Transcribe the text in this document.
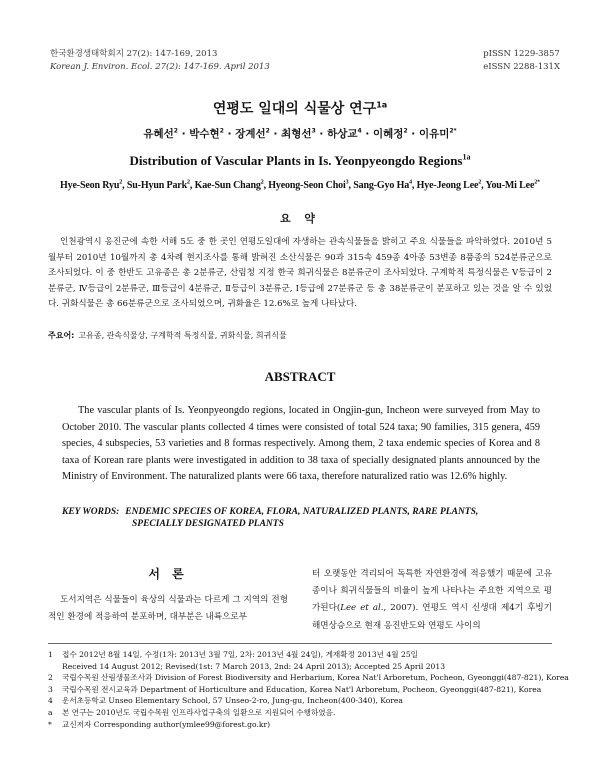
한국환경생태학회지 27(2): 147-169, 2013
Korean J. Environ. Ecol. 27(2): 147-169. April 2013
pISSN 1229-3857
eISSN 2288-131X
연평도 일대의 식물상 연구$^{1a}$
유혜선$^2$ · 박수현$^2$ · 장계선$^2$ · 최형선$^3$ · 하상교$^4$ · 이혜정$^2$ · 이유미$^{2*}$
Distribution of Vascular Plants in Is. Yeonpyeongdo Regions$^{1a}$
Hye-Seon Ryu$^2$, Su-Hyun Park$^2$, Kae-Sun Chang$^2$, Hyeong-Seon Choi$^3$, Sang-Gyo Ha$^4$, Hye-Jeong Lee$^2$, You-Mi Lee$^{2*}$
요 약

인천광역시 옹진군에 속한 서해 5도 중 한 곳인 연평도일대에 자생하는 관속식물들을 밝히고 주요 식물들을 파악하였다. 2010년 5월부터 2010년 10월까지 총 4차례 현지조사를 통해 밝혀진 소산식물은 90과 315속 459종 4아종 53변종 8품종의 524분류군으로 조사되었다. 이 중 한반도 고유종은 총 2분류군, 산림청 지정 한국 희귀식물은 8분류군이 조사되었다. 구계학적 특정식물은 Ⅴ등급이 2분류군, Ⅳ등급이 2분류군, Ⅲ등급이 4분류군, Ⅱ등급이 3분류군, Ⅰ등급에 27분류군 등 총 38분류군이 분포하고 있는 것을 알 수 있었다. 귀화식물은 총 66분류군으로 조사되었으며, 귀화율은 12.6%로 높게 나타났다.

주요어: 고유종, 관속식물상, 구계학적 특정식물, 귀화식물, 희귀식물
ABSTRACT

The vascular plants of Is. Yeonpyeongdo regions, located in Ongjin-gun, Incheon were surveyed from May to October 2010. The vascular plants collected 4 times were consisted of total 524 taxa; 90 families, 315 genera, 459 species, 4 subspecies, 53 varieties and 8 formas respectively. Among them, 2 taxa endemic species of Korea and 8 taxa of Korean rare plants were investigated in addition to 38 taxa of specially designated plants announced by the Ministry of Environment. The naturalized plants were 66 taxa, therefore naturalized ratio was 12.6% highly.

KEY WORDS: ENDEMIC SPECIES OF KOREA, FLORA, NATURALIZED PLANTS, RARE PLANTS,
SPECIALLY DESIGNATED PLANTS
서 론

도서지역은 식물들이 육상의 식물과는 다르게 그 지역의 전형적인 환경에 적응하여 분포하며, 대부분은 내륙으로부

터 오랫동안 격리되어 독특한 자연환경에 적응했기 때문에 고유종이나 희귀식물들의 비율이 높게 나타나는 주요한 지역으로 평가된다(Lee et al., 2007). 연평도 역시 신생대 제4기 후빙기 해면상승으로 현재 옹진반도와 연평도 사이의

1 접수 2012년 8월 14일, 수정(1차: 2013년 3월 7일, 2차: 2013년 4월 24일), 게재확정 2013년 4월 25일
Received 14 August 2012; Revised(1st: 7 March 2013, 2nd: 24 April 2013); Accepted 25 April 2013
2 국립수목원 산림생물조사과 Division of Forest Biodiversity and Herbarium, Korea Nat'l Arboretum, Pocheon, Gyeonggi(487-821), Korea
3 국립수목원 전시교육과 Department of Horticulture and Education, Korea Nat'l Arboretum, Pocheon, Gyeonggi(487-821), Korea
4 운서초등학교 Unseo Elementary School, 57 Unseo-2-ro, Jung-gu, Incheon(400-340), Korea
a 본 연구는 2010년도 국립수목원 인프라사업구축의 일환으로 지원되어 수행하였음.
* 교신저자 Corresponding author(ymlee99@forest.go.kr)
